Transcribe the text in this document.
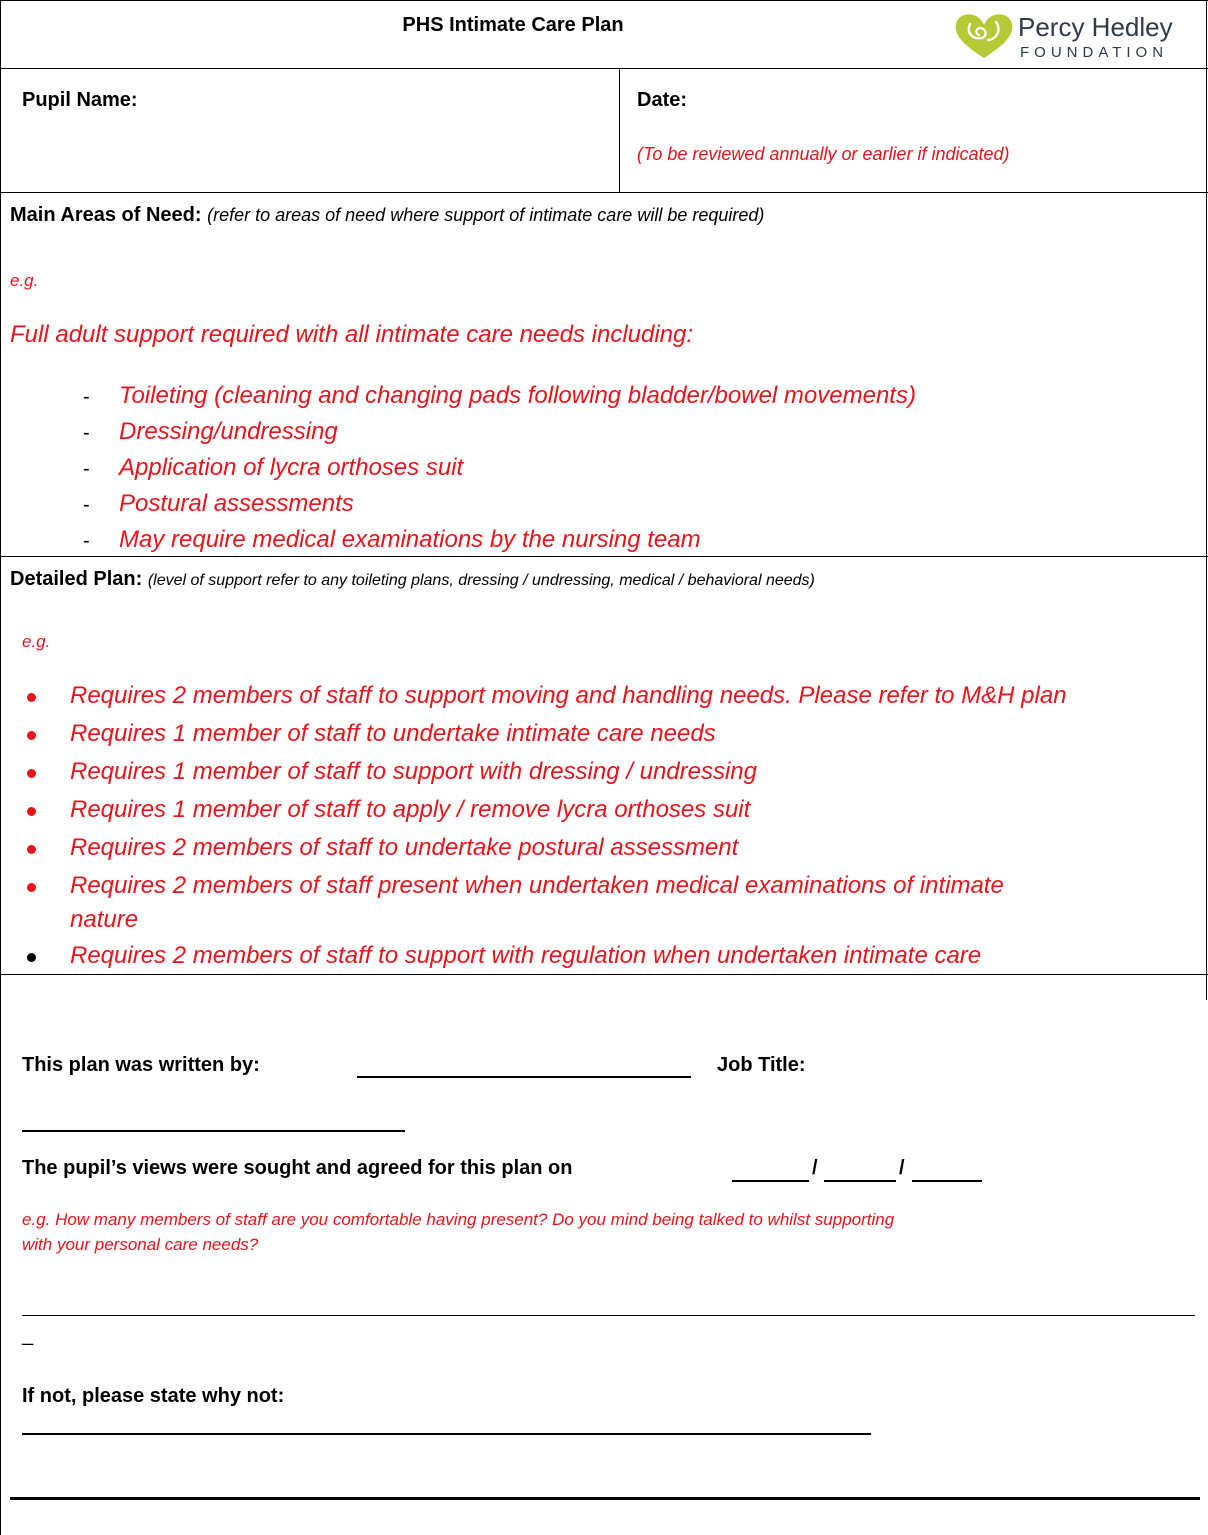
PHS Intimate Care Plan	Percy Hedley
FOUNDATION
Pupil Name:	Date:
(To be reviewed annually or earlier if indicated)
Main Areas of Need: (refer to areas of need where support of intimate care will be required)
e.g.
Full adult support required with all intimate care needs including:
- Toileting (cleaning and changing pads following bladder/bowel movements)
- Dressing/undressing
- Application of lycra orthoses suit
- Postural assessments
- May require medical examinations by the nursing team
Detailed Plan: (level of support refer to any toileting plans, dressing / undressing, medical / behavioral needs)
e.g.
Requires 2 members of staff to support moving and handling needs. Please refer to M&H plan
Requires 1 member of staff to undertake intimate care needs
Requires 1 member of staff to support with dressing / undressing
Requires 1 member of staff to apply / remove lycra orthoses suit
Requires 2 members of staff to undertake postural assessment
Requires 2 members of staff present when undertaken medical examinations of intimate
nature
Requires 2 members of staff to support with regulation when undertaken intimate care
This plan was written by:	Job Title:
The pupil’s views were sought and agreed for this plan on	/	/
e.g. How many members of staff are you comfortable having present? Do you mind being talked to whilst supporting
with your personal care needs?
_
If not, please state why not:
